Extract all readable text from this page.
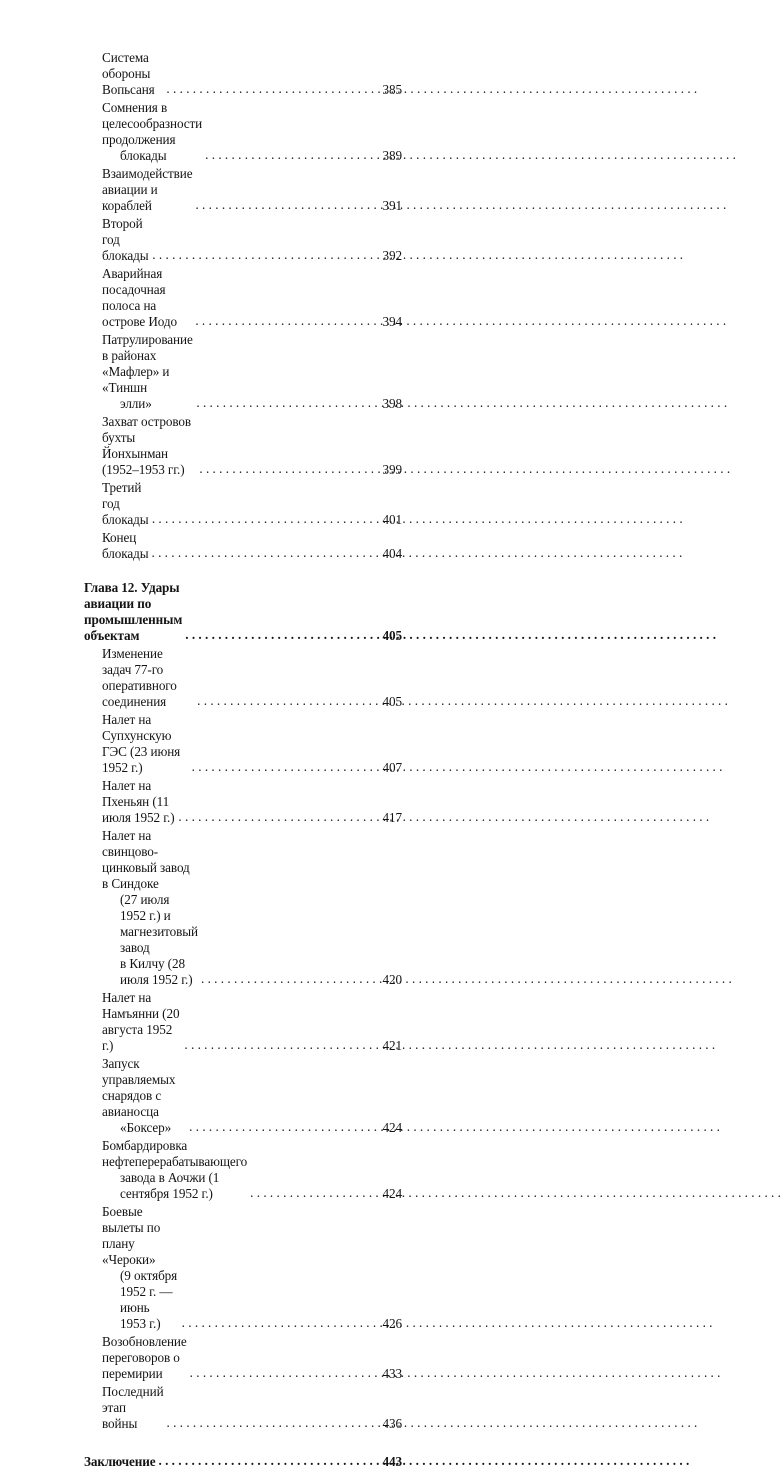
Система обороны Вопьсаня . . .	385
Сомнения в целесообразности продолжения
блокады . . .	389
Взаимодействие авиации и кораблей . . .	391
Второй год блокады . . .	392
Аварийная посадочная полоса на острове Иодо . . .	394
Патрулирование в районах «Мафлер» и «Тиншн
элли» . . .	398
Захват островов бухты Йонхынман (1952–1953 гг.) . . .	399
Третий год блокады . . .	401
Конец блокады . . .	404
Глава 12. Удары авиации по промышленным
объектам . . .	405
Изменение задач 77-го оперативного соединения . . .	405
Налет на Супхунскую ГЭС (23 июня 1952 г.) . . .	407
Налет на Пхеньян (11 июля 1952 г.) . . .	417
Налет на свинцово-цинковый завод в Синдоке
(27 июля 1952 г.) и магнезитовый завод
в Килчу (28 июля 1952 г.) . . .	420
Налет на Намъянни (20 августа 1952 г.) . . .	421
Запуск управляемых снарядов с авианосца
«Боксер» . . .	424
Бомбардировка нефтеперерабатывающего
завода в Аочжи (1 сентября 1952 г.) . . .	424
Боевые вылеты по плану «Чероки»
(9 октября 1952 г. — июнь 1953 г.) . . .	426
Возобновление переговоров о перемирии . . .	433
Последний этап войны . . .	436
Заключение . . .	443
